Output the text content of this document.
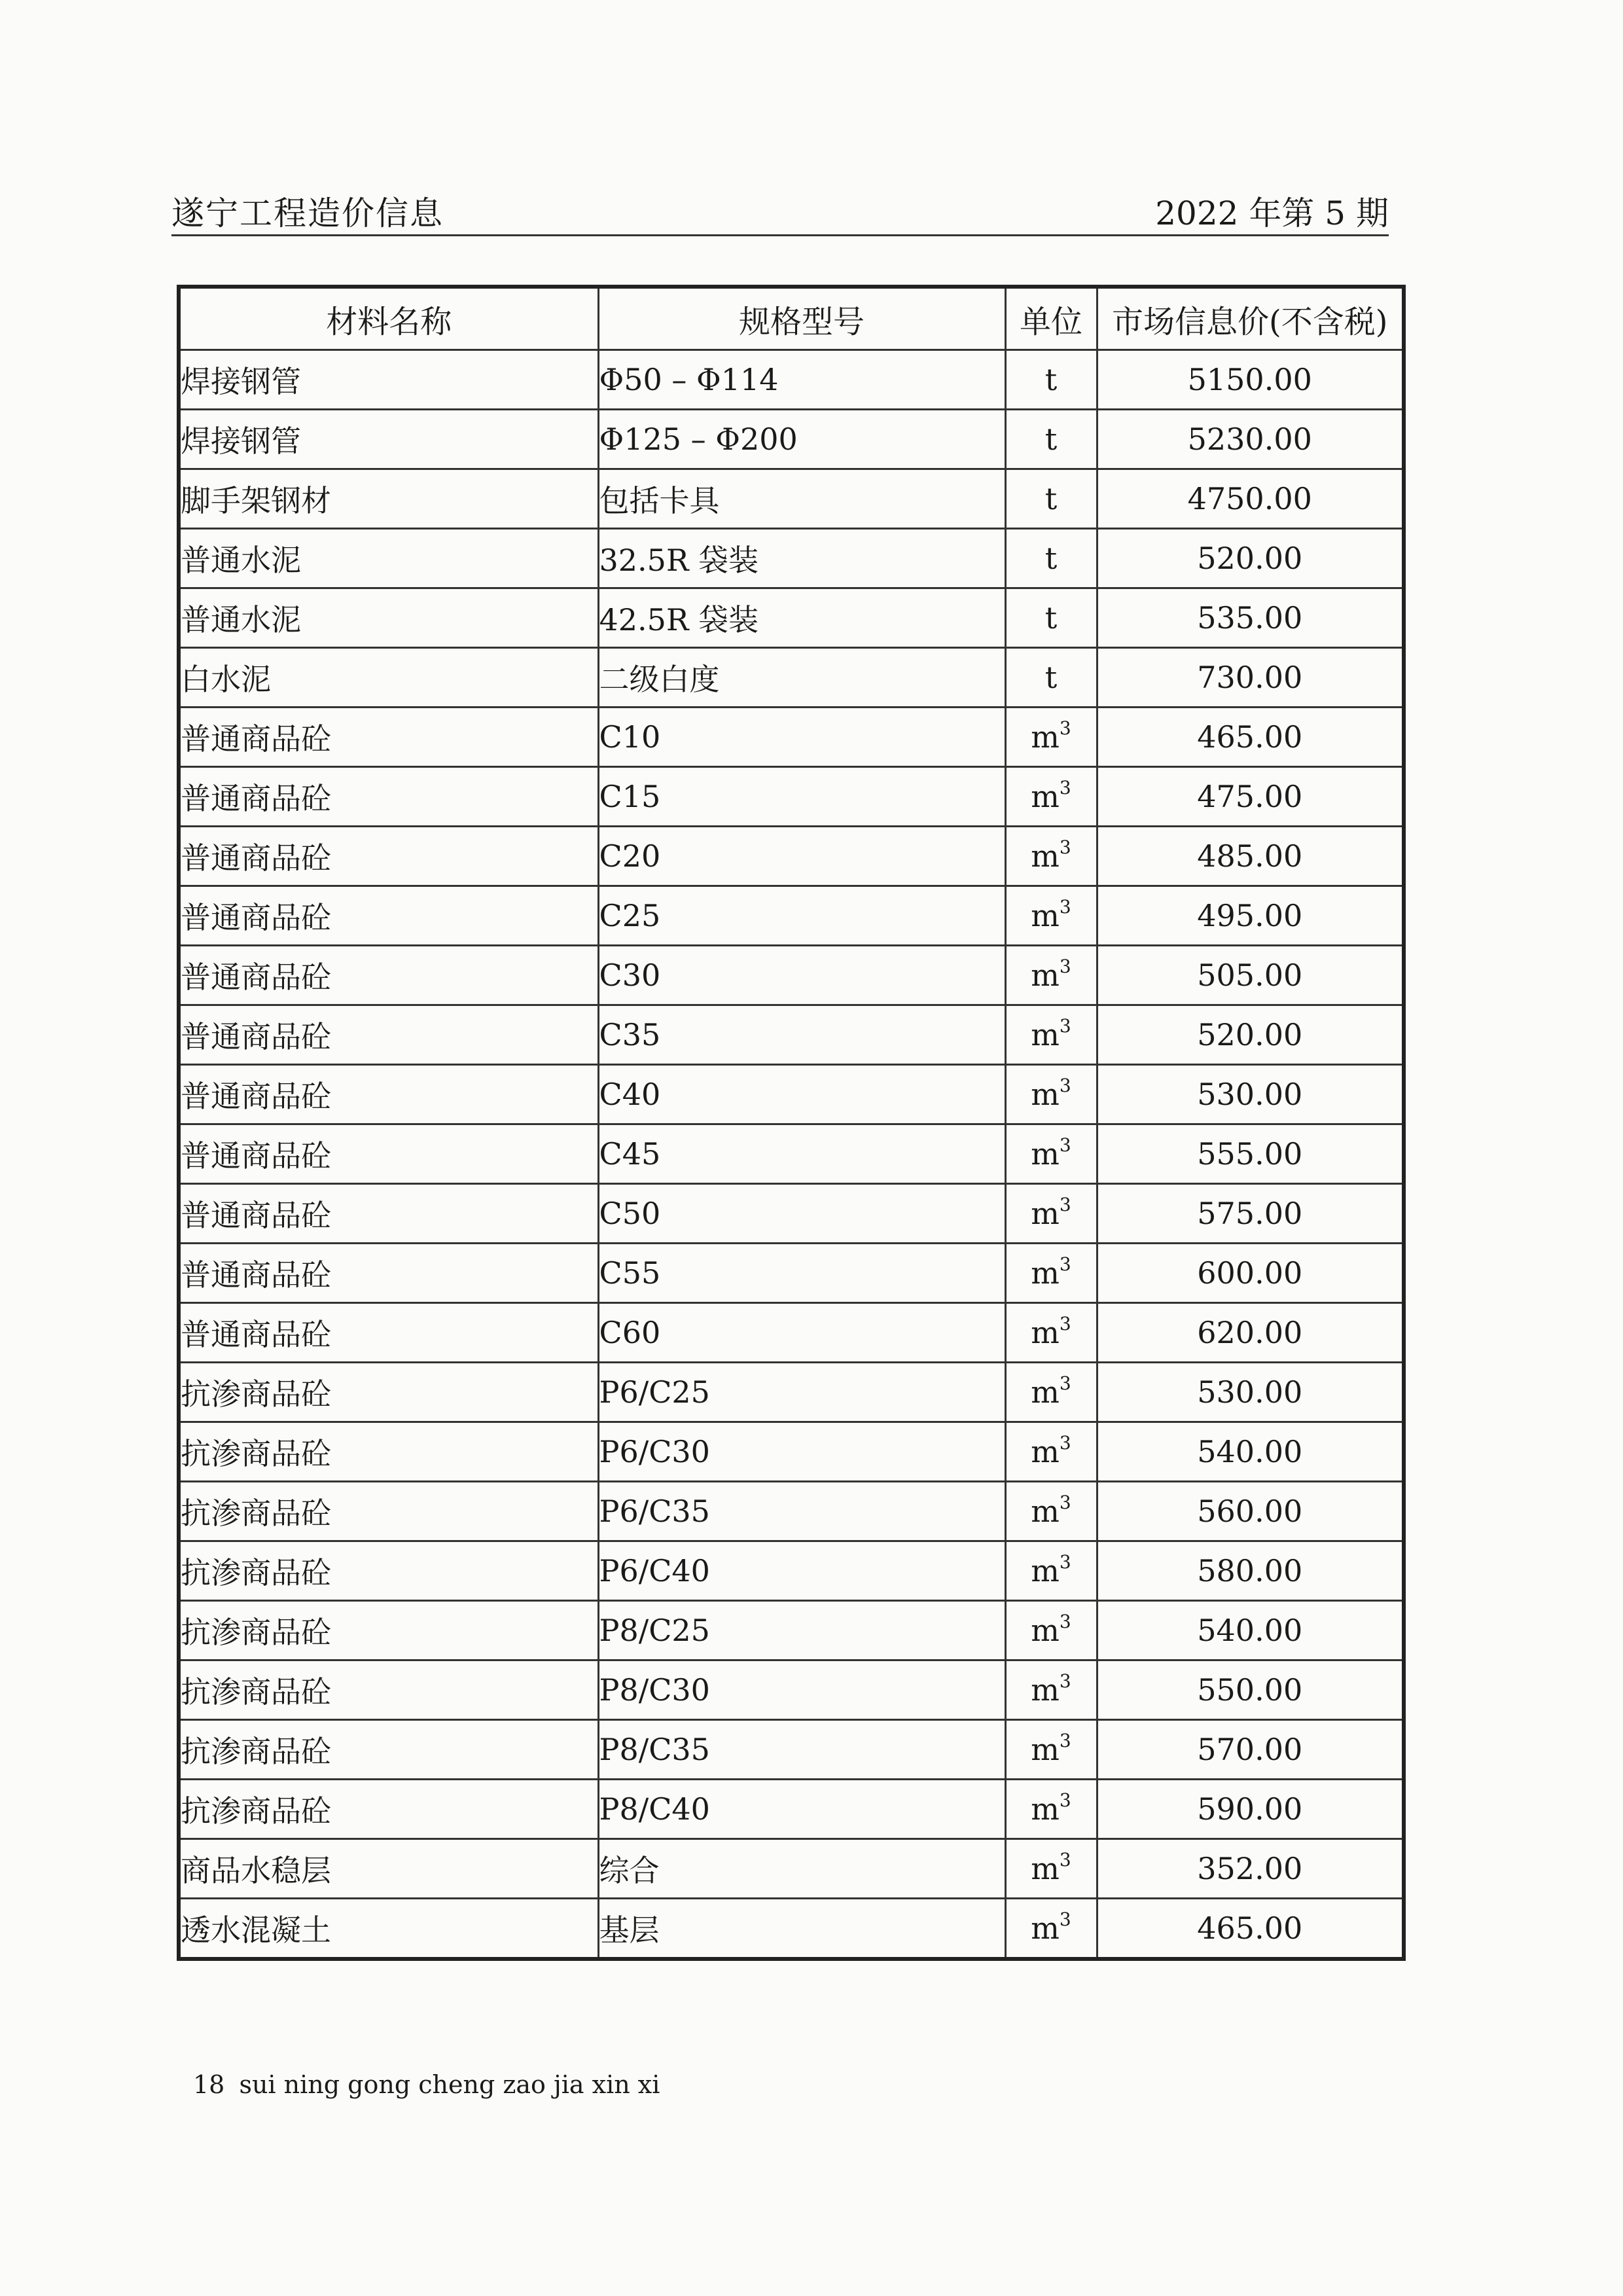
遂宁工程造价信息	2022 年第 5 期
材料名称	规格型号	单位	市场信息价(不含税)
焊接钢管	Φ50 – Φ114	t	5150.00
焊接钢管	Φ125 – Φ200	t	5230.00
脚手架钢材	包括卡具	t	4750.00
普通水泥	32.5R 袋装	t	520.00
普通水泥	42.5R 袋装	t	535.00
白水泥	二级白度	t	730.00
普通商品砼	C10	$m^3$	465.00
普通商品砼	C15	$m^3$	475.00
普通商品砼	C20	$m^3$	485.00
普通商品砼	C25	$m^3$	495.00
普通商品砼	C30	$m^3$	505.00
普通商品砼	C35	$m^3$	520.00
普通商品砼	C40	$m^3$	530.00
普通商品砼	C45	$m^3$	555.00
普通商品砼	C50	$m^3$	575.00
普通商品砼	C55	$m^3$	600.00
普通商品砼	C60	$m^3$	620.00
抗渗商品砼	P6/C25	$m^3$	530.00
抗渗商品砼	P6/C30	$m^3$	540.00
抗渗商品砼	P6/C35	$m^3$	560.00
抗渗商品砼	P6/C40	$m^3$	580.00
抗渗商品砼	P8/C25	$m^3$	540.00
抗渗商品砼	P8/C30	$m^3$	550.00
抗渗商品砼	P8/C35	$m^3$	570.00
抗渗商品砼	P8/C40	$m^3$	590.00
商品水稳层	综合	$m^3$	352.00
透水混凝土	基层	$m^3$	465.00
18 sui ning gong cheng zao jia xin xi
